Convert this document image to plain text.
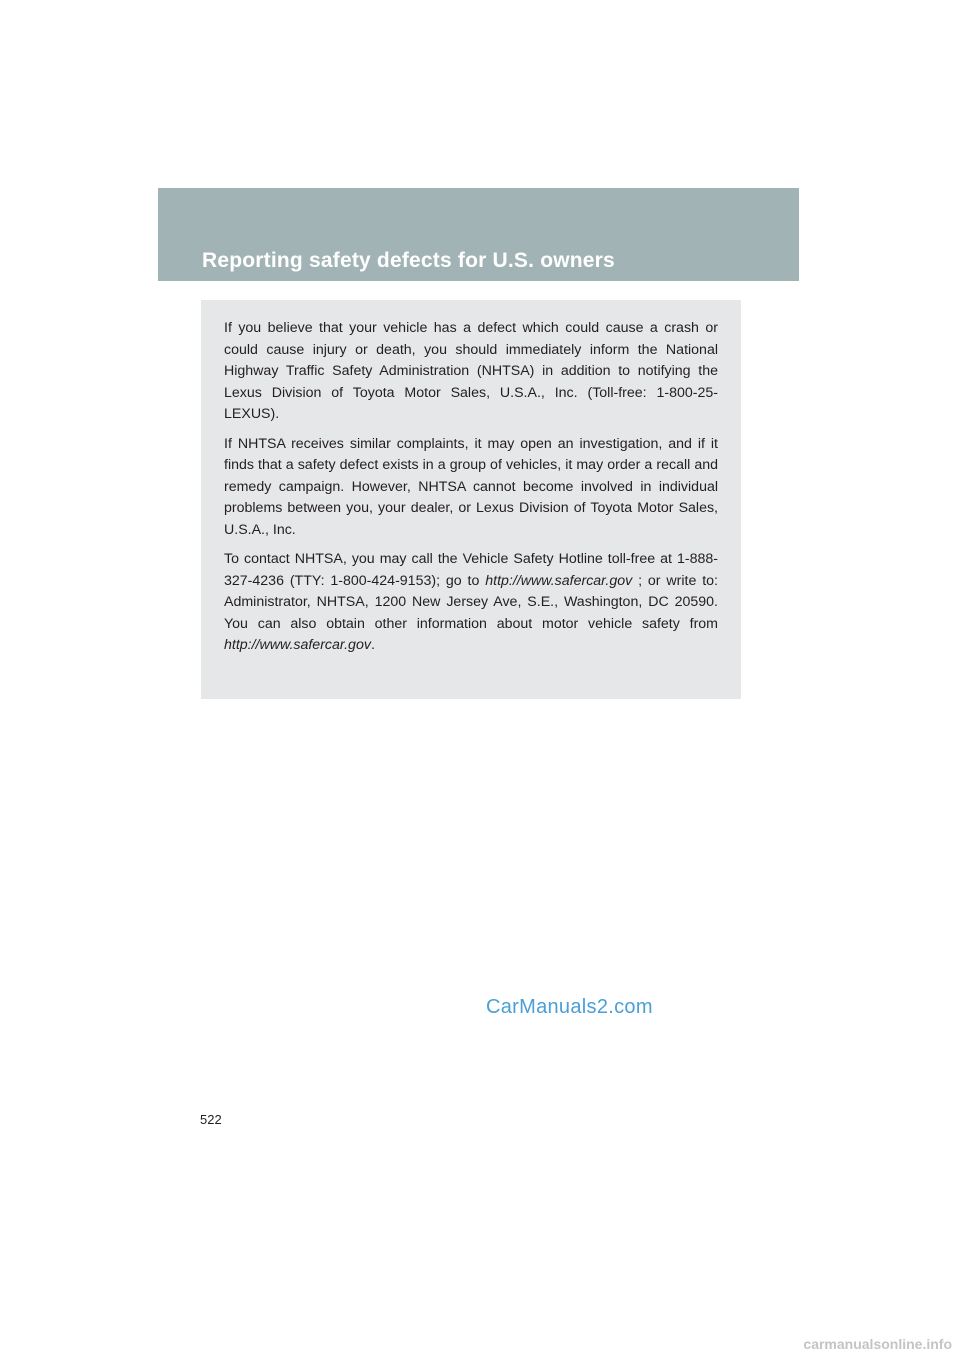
Reporting safety defects for U.S. owners

If you believe that your vehicle has a defect which could cause a crash or could cause injury or death, you should immediately inform the National Highway Traffic Safety Administration (NHTSA) in addition to notifying the Lexus Division of Toyota Motor Sales, U.S.A., Inc. (Toll-free: 1-800-25-LEXUS).

If NHTSA receives similar complaints, it may open an investigation, and if it finds that a safety defect exists in a group of vehicles, it may order a recall and remedy campaign. However, NHTSA cannot become involved in individual problems between you, your dealer, or Lexus Division of Toyota Motor Sales, U.S.A., Inc.

To contact NHTSA, you may call the Vehicle Safety Hotline toll-free at 1-888-327-4236 (TTY: 1-800-424-9153); go to http://www.safercar.gov ; or write to: Administrator, NHTSA, 1200 New Jersey Ave, S.E., Washington, DC 20590. You can also obtain other information about motor vehicle safety from http://www.safercar.gov.

CarManuals2.com
522
carmanualsonline.info
